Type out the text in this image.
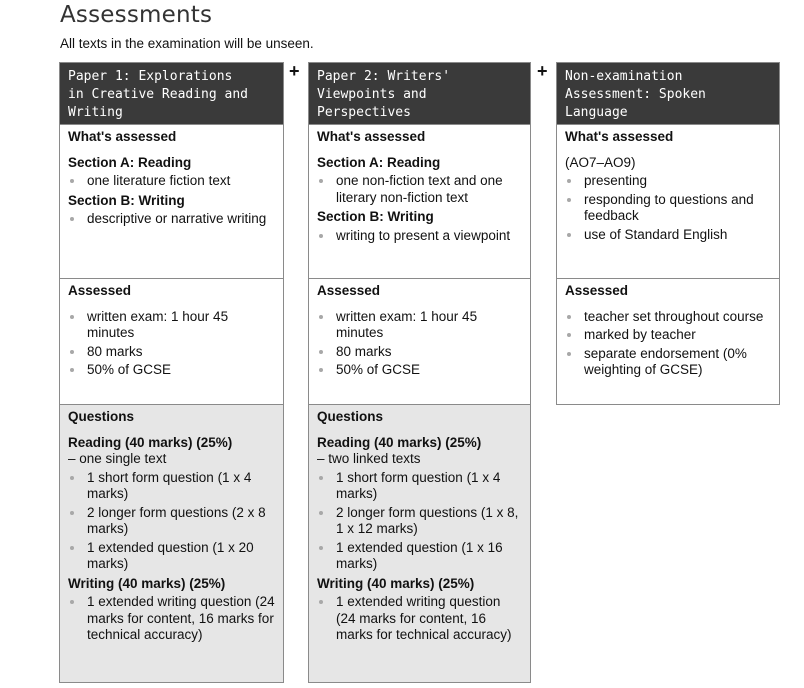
Assessments
All texts in the examination will be unseen.
+	+
Paper 1: Explorations
in Creative Reading and
Writing
What's assessed
Section A: Reading
one literature fiction text
Section B: Writing
descriptive or narrative writing
Assessed
written exam: 1 hour 45 minutes
80 marks
50% of GCSE
Questions
Reading (40 marks) (25%)
– one single text
1 short form question (1 x 4 marks)
2 longer form questions (2 x 8 marks)
1 extended question (1 x 20 marks)
Writing (40 marks) (25%)
1 extended writing question (24 marks for content, 16 marks for technical accuracy)
Paper 2: Writers'
Viewpoints and
Perspectives
What's assessed
Section A: Reading
one non-fiction text and one literary non-fiction text
Section B: Writing
writing to present a viewpoint
Assessed
written exam: 1 hour 45 minutes
80 marks
50% of GCSE
Questions
Reading (40 marks) (25%)
– two linked texts
1 short form question (1 x 4 marks)
2 longer form questions (1 x 8, 1 x 12 marks)
1 extended question (1 x 16 marks)
Writing (40 marks) (25%)
1 extended writing question (24 marks for content, 16 marks for technical accuracy)
Non-examination
Assessment: Spoken
Language
What's assessed
(AO7–AO9)
presenting
responding to questions and feedback
use of Standard English
Assessed
teacher set throughout course
marked by teacher
separate endorsement (0% weighting of GCSE)
